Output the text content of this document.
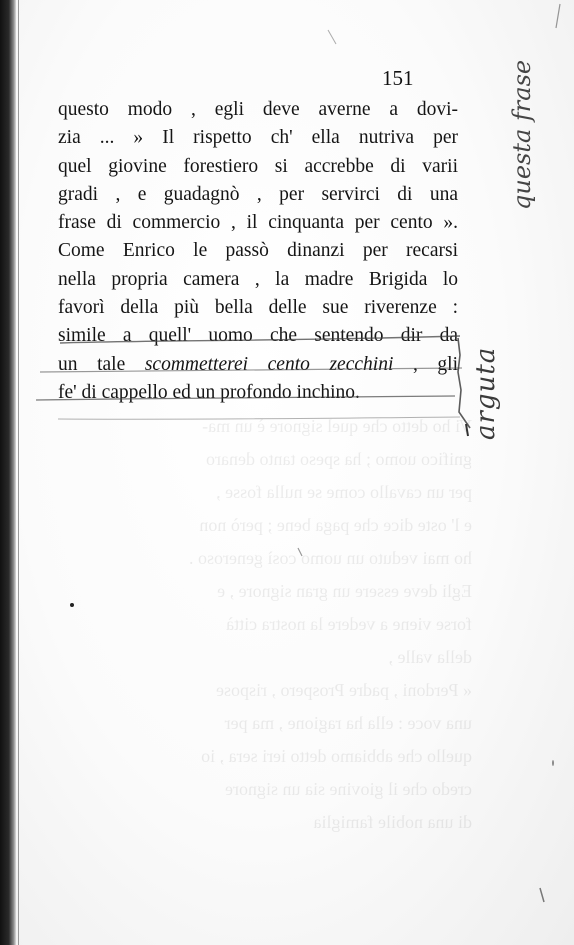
Vi ho detto che quel signore è un ma-
gnifico uomo ; ha speso tanto denaro
per un cavallo come se nulla fosse ,
e l' oste dice che paga bene ; però non
ho mai veduto un uomo così generoso .
Egli deve essere un gran signore , e
forse viene a vedere la nostra città
della valle ,
« Perdoni , padre Prospero , rispose
una voce : ella ha ragione , ma per
quello che abbiamo detto ieri sera , io
credo che il giovine sia un signore
di una nobile famiglia
151
questo modo , egli deve averne a dovi-
zia ... » Il rispetto ch' ella nutriva per
quel giovine forestiero si accrebbe di varii
gradi , e guadagnò , per servirci di una
frase di commercio , il cinquanta per cento ».
Come Enrico le passò dinanzi per recarsi
nella propria camera , la madre Brigida lo
favorì della più bella delle sue riverenze :
simile a quell' uomo che sentendo dir da
un tale scommetterei cento zecchini , gli
fe' di cappello ed un profondo inchino.	arguta
questa frase
